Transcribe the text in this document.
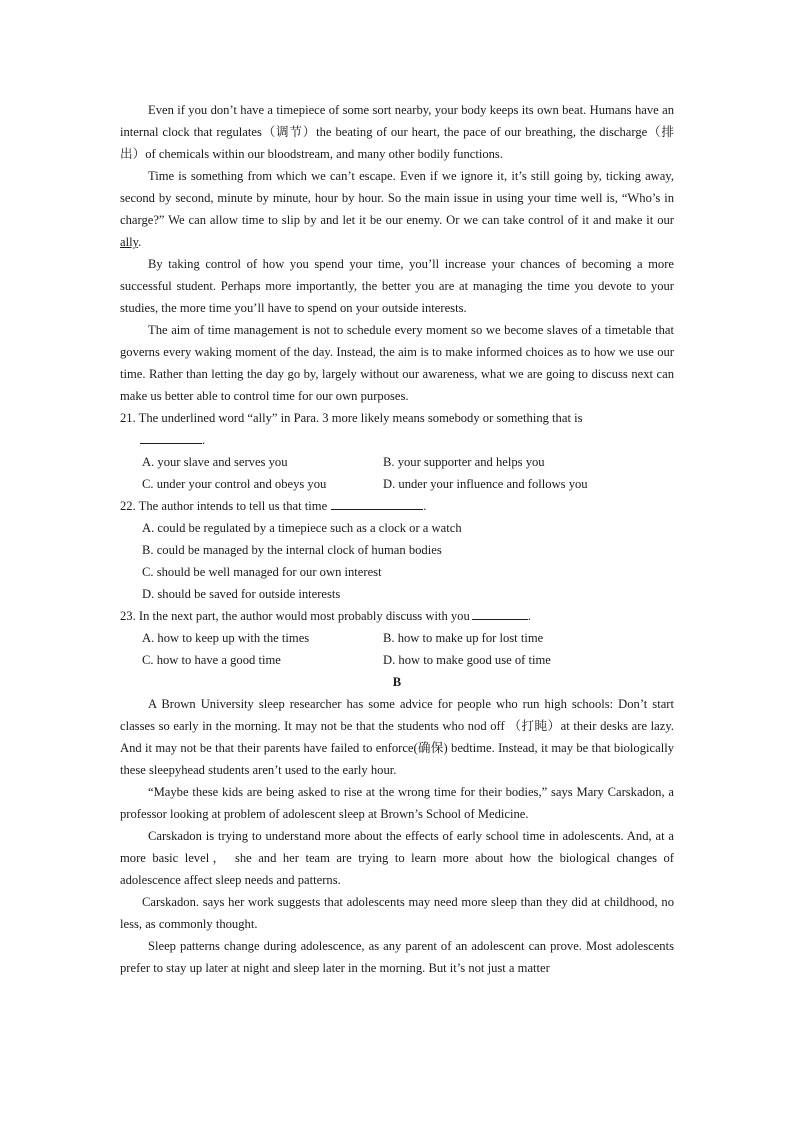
Even if you don’t have a timepiece of some sort nearby, your body keeps its own beat. Humans have an internal clock that regulates（调节）the beating of our heart, the pace of our breathing, the discharge（排出）of chemicals within our bloodstream, and many other bodily functions.

Time is something from which we can’t escape. Even if we ignore it, it’s still going by, ticking away, second by second, minute by minute, hour by hour. So the main issue in using your time well is, “Who’s in charge?” We can allow time to slip by and let it be our enemy. Or we can take control of it and make it our ally.

By taking control of how you spend your time, you’ll increase your chances of becoming a more successful student. Perhaps more importantly, the better you are at managing the time you devote to your studies, the more time you’ll have to spend on your outside interests.

The aim of time management is not to schedule every moment so we become slaves of a timetable that governs every waking moment of the day. Instead, the aim is to make informed choices as to how we use our time. Rather than letting the day go by, largely without our awareness, what we are going to discuss next can make us better able to control time for our own purposes.

21. The underlined word “ally” in Para. 3 more likely means somebody or something that is
.

A. your slave and serves you	B. your supporter and helps you
C. under your control and obeys you	D. under your influence and follows you

22. The author intends to tell us that time	.

A. could be regulated by a timepiece such as a clock or a watch
B. could be managed by the internal clock of human bodies
C. should be well managed for our own interest
D. should be saved for outside interests

23. In the next part, the author would most probably discuss with you	.

A. how to keep up with the times	B. how to make up for lost time
C. how to have a good time	D. how to make good use of time

B

A Brown University sleep researcher has some advice for people who run high schools: Don’t start classes so early in the morning. It may not be that the students who nod off （打盹）at their desks are lazy. And it may not be that their parents have failed to enforce(确保) bedtime. Instead, it may be that biologically these sleepyhead students aren’t used to the early hour.

“Maybe these kids are being asked to rise at the wrong time for their bodies,” says Mary Carskadon, a professor looking at problem of adolescent sleep at Brown’s School of Medicine.

Carskadon is trying to understand more about the effects of early school time in adolescents. And, at a more basic level， she and her team are trying to learn more about how the biological changes of adolescence affect sleep needs and patterns.

Carskadon. says her work suggests that adolescents may need more sleep than they did at childhood, no less, as commonly thought.

Sleep patterns change during adolescence, as any parent of an adolescent can prove. Most adolescents prefer to stay up later at night and sleep later in the morning. But it’s not just a matter
